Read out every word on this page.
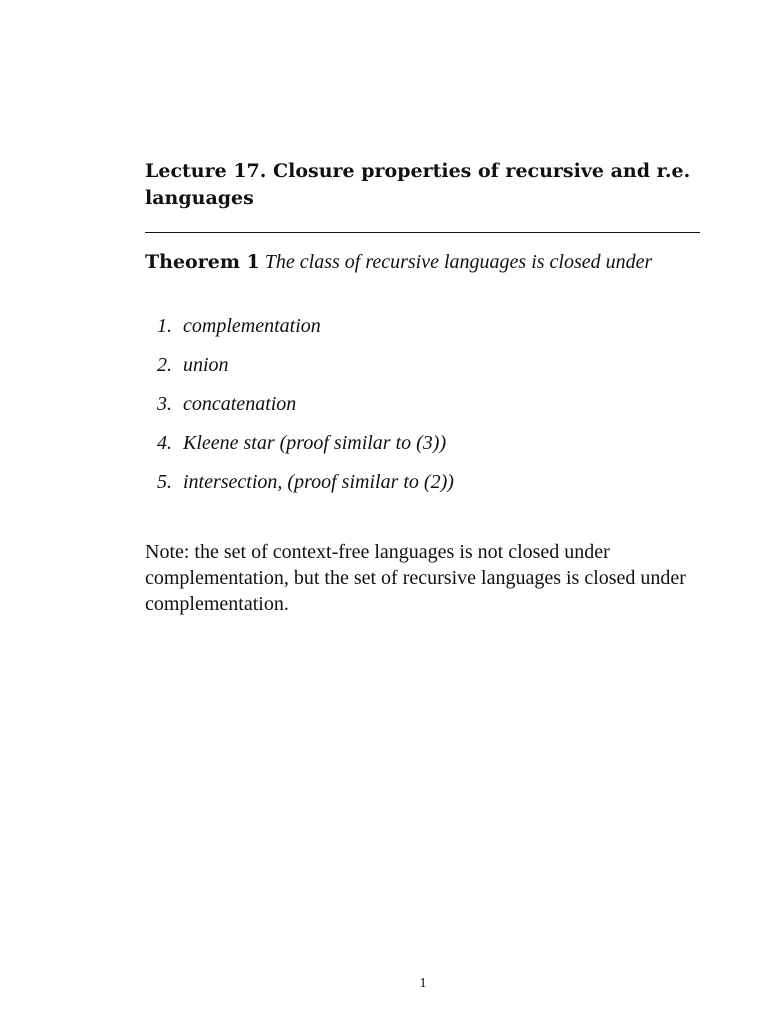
Lecture 17. Closure properties of recursive and r.e. languages

Theorem 1 The class of recursive languages is closed under

1. complementation
2. union
3. concatenation
4. Kleene star (proof similar to (3))
5. intersection, (proof similar to (2))

Note: the set of context-free languages is not closed under complementation, but the set of recursive languages is closed under complementation.

1
